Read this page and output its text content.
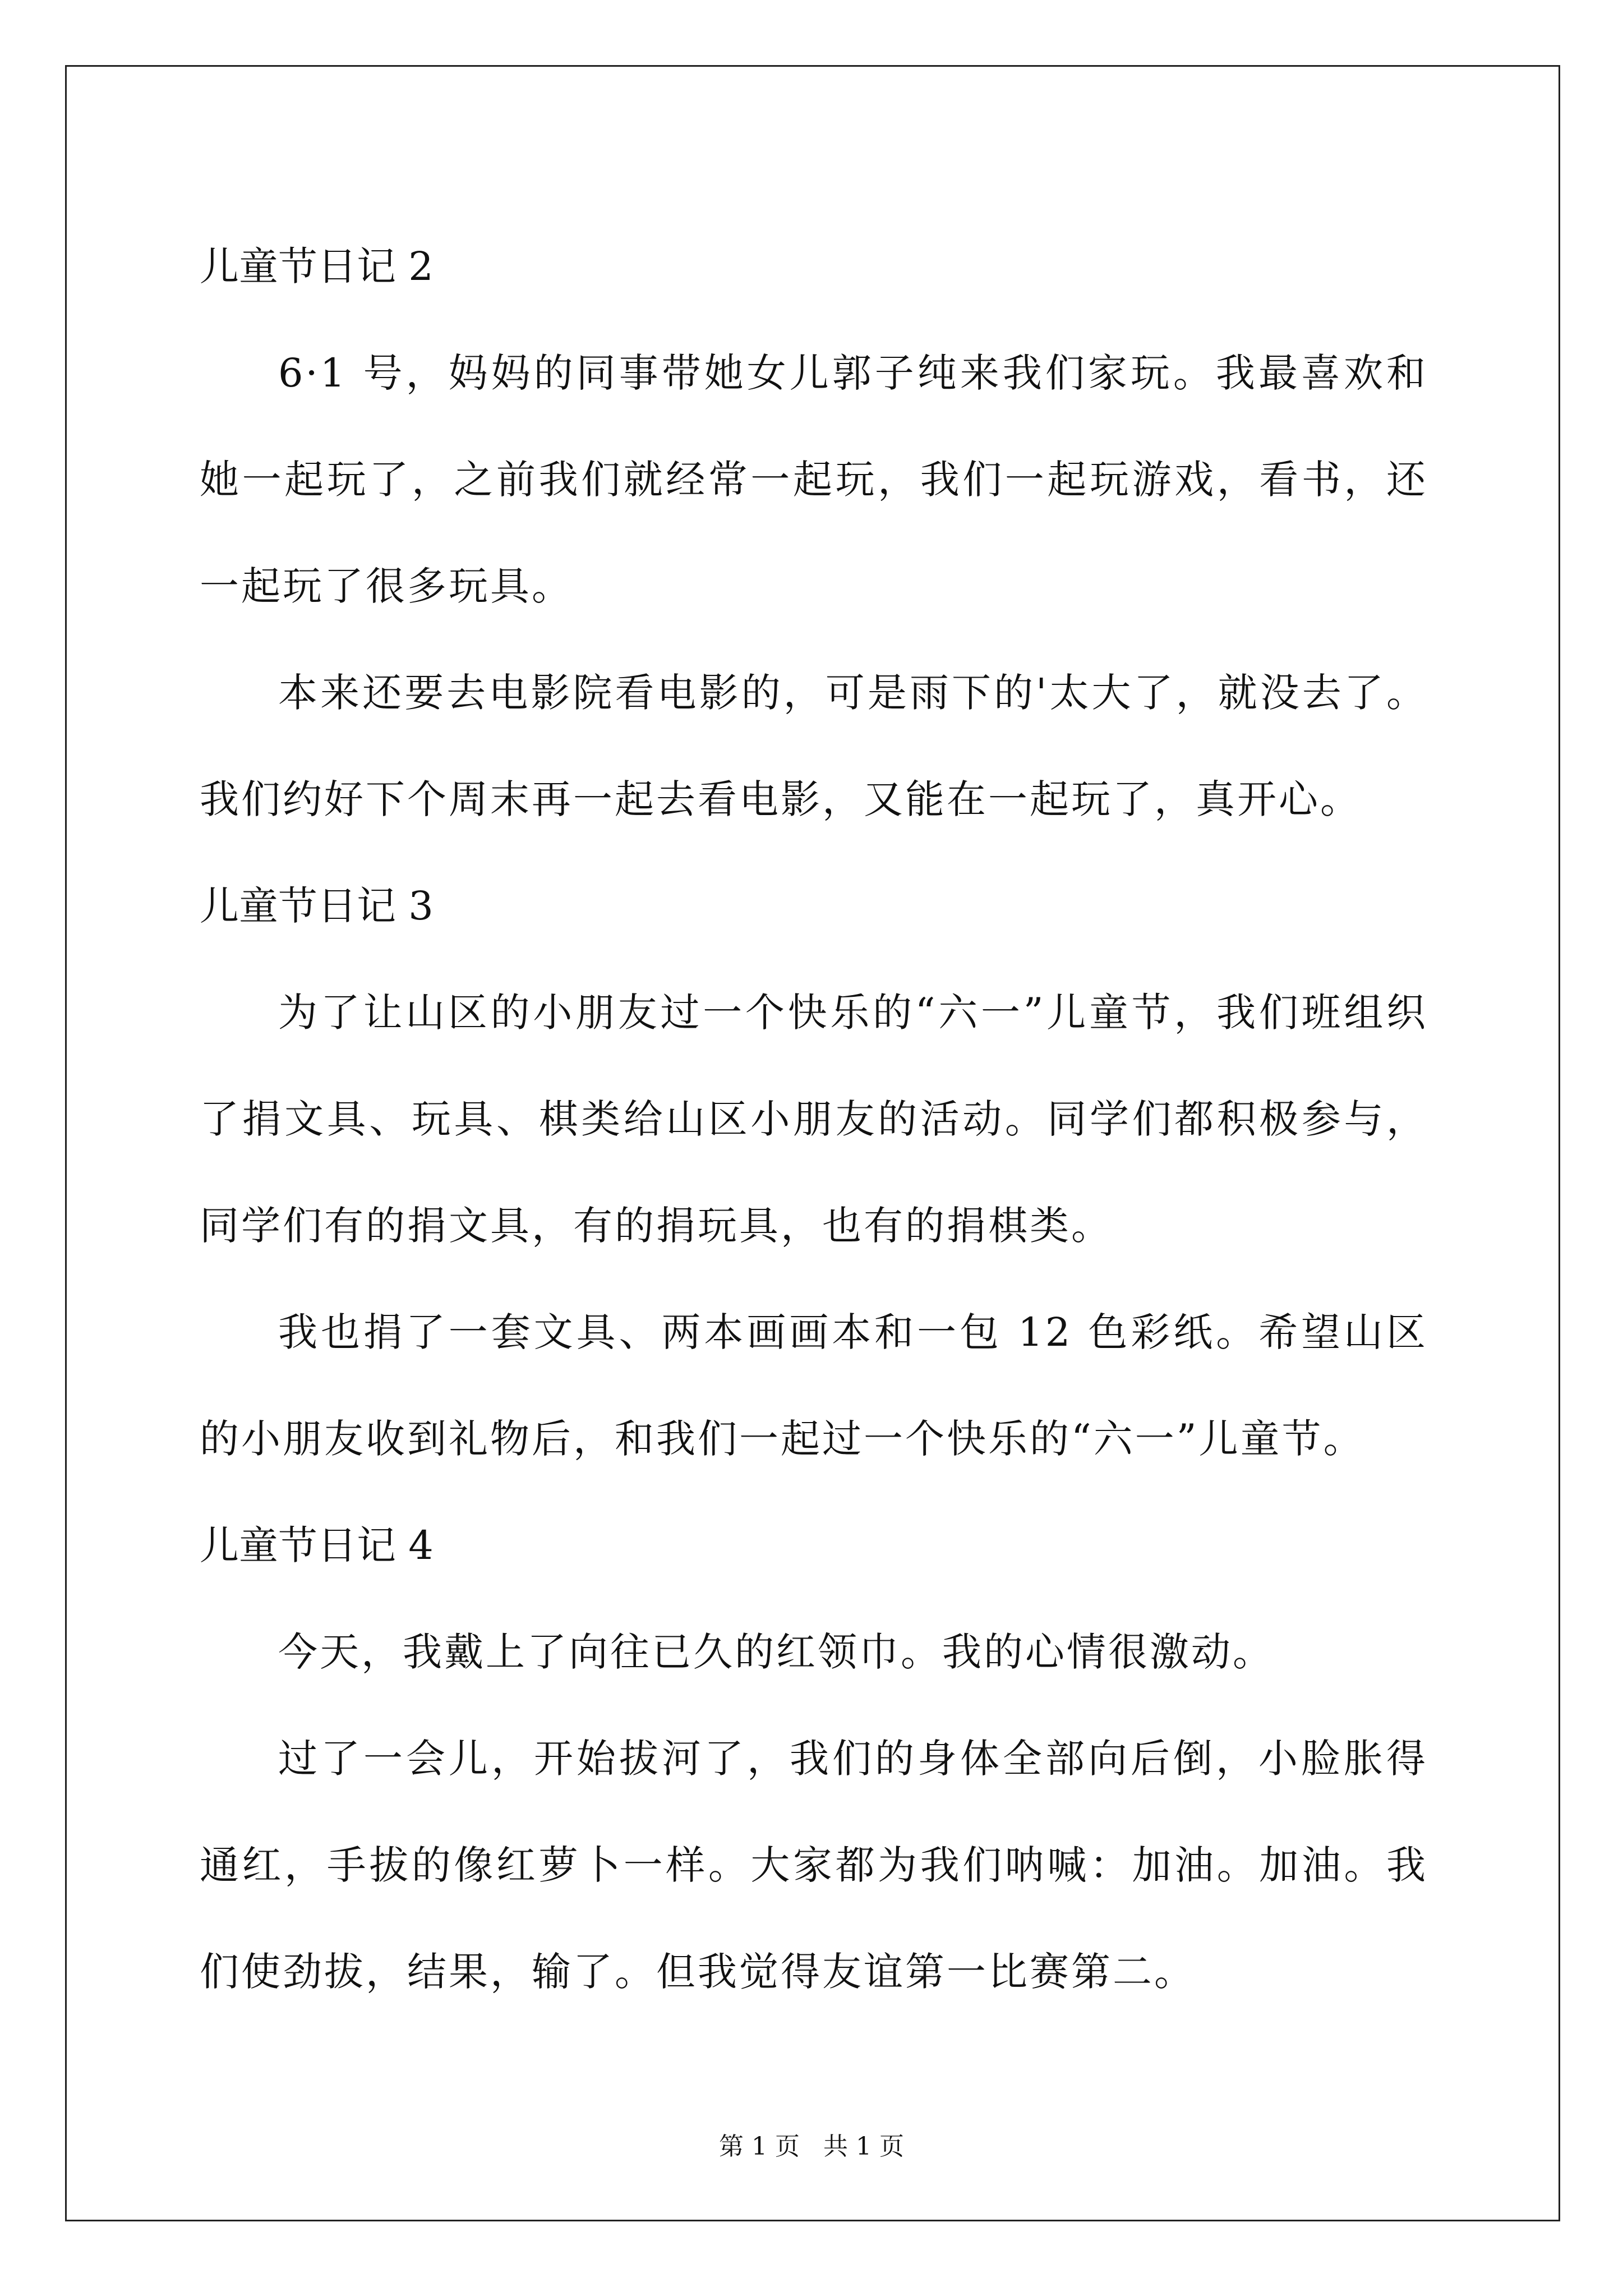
儿童节日记 2

6·1 号，妈妈的同事带她女儿郭子纯来我们家玩。我最喜欢和她一起玩了，之前我们就经常一起玩，我们一起玩游戏，看书，还一起玩了很多玩具。

本来还要去电影院看电影的，可是雨下的'太大了，就没去了。我们约好下个周末再一起去看电影，又能在一起玩了，真开心。

儿童节日记 3

为了让山区的小朋友过一个快乐的“六一”儿童节，我们班组织了捐文具、玩具、棋类给山区小朋友的活动。同学们都积极参与，同学们有的捐文具，有的捐玩具，也有的捐棋类。

我也捐了一套文具、两本画画本和一包 12 色彩纸。希望山区的小朋友收到礼物后，和我们一起过一个快乐的“六一”儿童节。

儿童节日记 4

今天，我戴上了向往已久的红领巾。我的心情很激动。

过了一会儿，开始拔河了，我们的身体全部向后倒，小脸胀得通红，手拔的像红萝卜一样。大家都为我们呐喊：加油。加油。我们使劲拔，结果，输了。但我觉得友谊第一比赛第二。

第 1 页   共 1 页
